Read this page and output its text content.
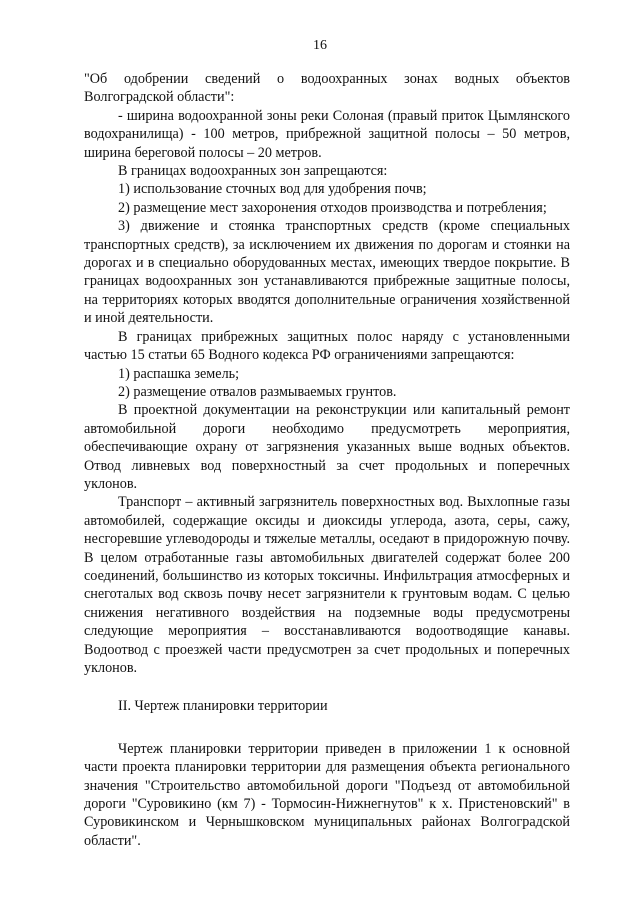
16

"Об одобрении сведений о водоохранных зонах водных объектов Волгоградской области":

- ширина водоохранной зоны реки Солоная (правый приток Цымлянского водохранилища) - 100 метров, прибрежной защитной полосы – 50 метров, ширина береговой полосы – 20 метров.

В границах водоохранных зон запрещаются:

1) использование сточных вод для удобрения почв;

2) размещение мест захоронения отходов производства и потребления;

3) движение и стоянка транспортных средств (кроме специальных транспортных средств), за исключением их движения по дорогам и стоянки на дорогах и в специально оборудованных местах, имеющих твердое покрытие. В границах водоохранных зон устанавливаются прибрежные защитные полосы, на территориях которых вводятся дополнительные ограничения хозяйственной и иной деятельности.

В границах прибрежных защитных полос наряду с установленными частью 15 статьи 65 Водного кодекса РФ ограничениями запрещаются:

1) распашка земель;

2) размещение отвалов размываемых грунтов.

В проектной документации на реконструкции или капитальный ремонт автомобильной дороги необходимо предусмотреть мероприятия, обеспечивающие охрану от загрязнения указанных выше водных объектов. Отвод ливневых вод поверхностный за счет продольных и поперечных уклонов.

Транспорт – активный загрязнитель поверхностных вод. Выхлопные газы автомобилей, содержащие оксиды и диоксиды углерода, азота, серы, сажу, несгоревшие углеводороды и тяжелые металлы, оседают в придорожную почву. В целом отработанные газы автомобильных двигателей содержат более 200 соединений, большинство из которых токсичны. Инфильтрация атмосферных и снеготалых вод сквозь почву несет загрязнители к грунтовым водам. С целью снижения негативного воздействия на подземные воды предусмотрены следующие мероприятия – восстанавливаются водоотводящие канавы. Водоотвод с проезжей части предусмотрен за счет продольных и поперечных уклонов.

II. Чертеж планировки территории

Чертеж планировки территории приведен в приложении 1 к основной части проекта планировки территории для размещения объекта регионального значения "Строительство автомобильной дороги "Подъезд от автомобильной дороги "Суровикино (км 7) - Тормосин-Нижнегнутов" к х. Пристеновский" в Суровикинском и Чернышковском муниципальных районах Волгоградской области".
